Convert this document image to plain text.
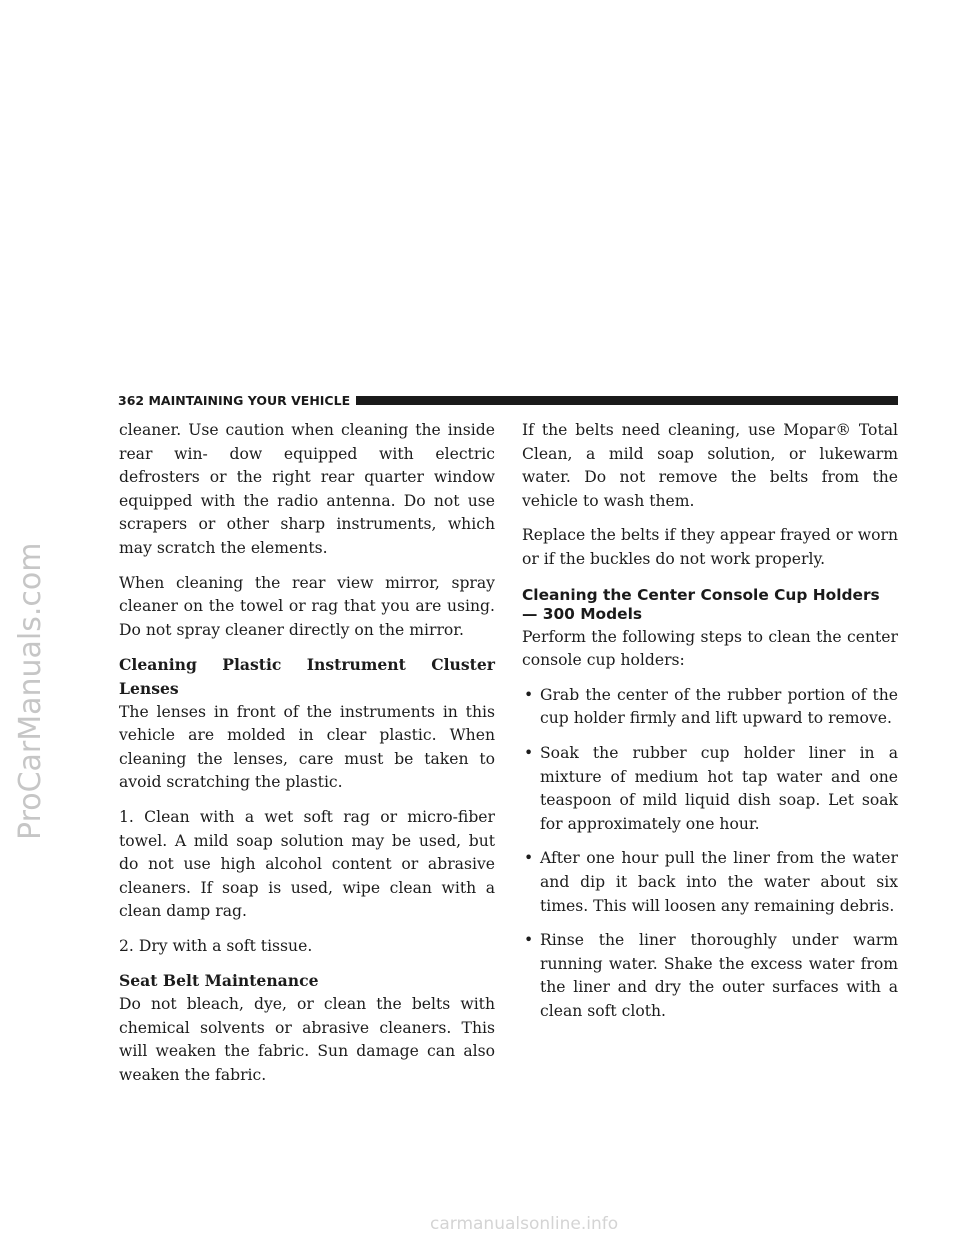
ProCarManuals.com
362 MAINTAINING YOUR VEHICLE

cleaner. Use caution when cleaning the inside rear win- dow equipped with electric defrosters or the right rear quarter window equipped with the radio antenna. Do not use scrapers or other sharp instruments, which may scratch the elements.

When cleaning the rear view mirror, spray cleaner on the towel or rag that you are using. Do not spray cleaner directly on the mirror.

Cleaning Plastic Instrument Cluster Lenses

The lenses in front of the instruments in this vehicle are molded in clear plastic. When cleaning the lenses, care must be taken to avoid scratching the plastic.

1. Clean with a wet soft rag or micro-fiber towel. A mild soap solution may be used, but do not use high alcohol content or abrasive cleaners. If soap is used, wipe clean with a clean damp rag.

2. Dry with a soft tissue.

Seat Belt Maintenance

Do not bleach, dye, or clean the belts with chemical solvents or abrasive cleaners. This will weaken the fabric. Sun damage can also weaken the fabric.

If the belts need cleaning, use Mopar® Total Clean, a mild soap solution, or lukewarm water. Do not remove the belts from the vehicle to wash them.

Replace the belts if they appear frayed or worn or if the buckles do not work properly.

Cleaning the Center Console Cup Holders — 300 Models

Perform the following steps to clean the center console cup holders:

• Grab the center of the rubber portion of the cup holder firmly and lift upward to remove.
• Soak the rubber cup holder liner in a mixture of medium hot tap water and one teaspoon of mild liquid dish soap. Let soak for approximately one hour.
• After one hour pull the liner from the water and dip it back into the water about six times. This will loosen any remaining debris.
• Rinse the liner thoroughly under warm running water. Shake the excess water from the liner and dry the outer surfaces with a clean soft cloth.
carmanualsonline.info
